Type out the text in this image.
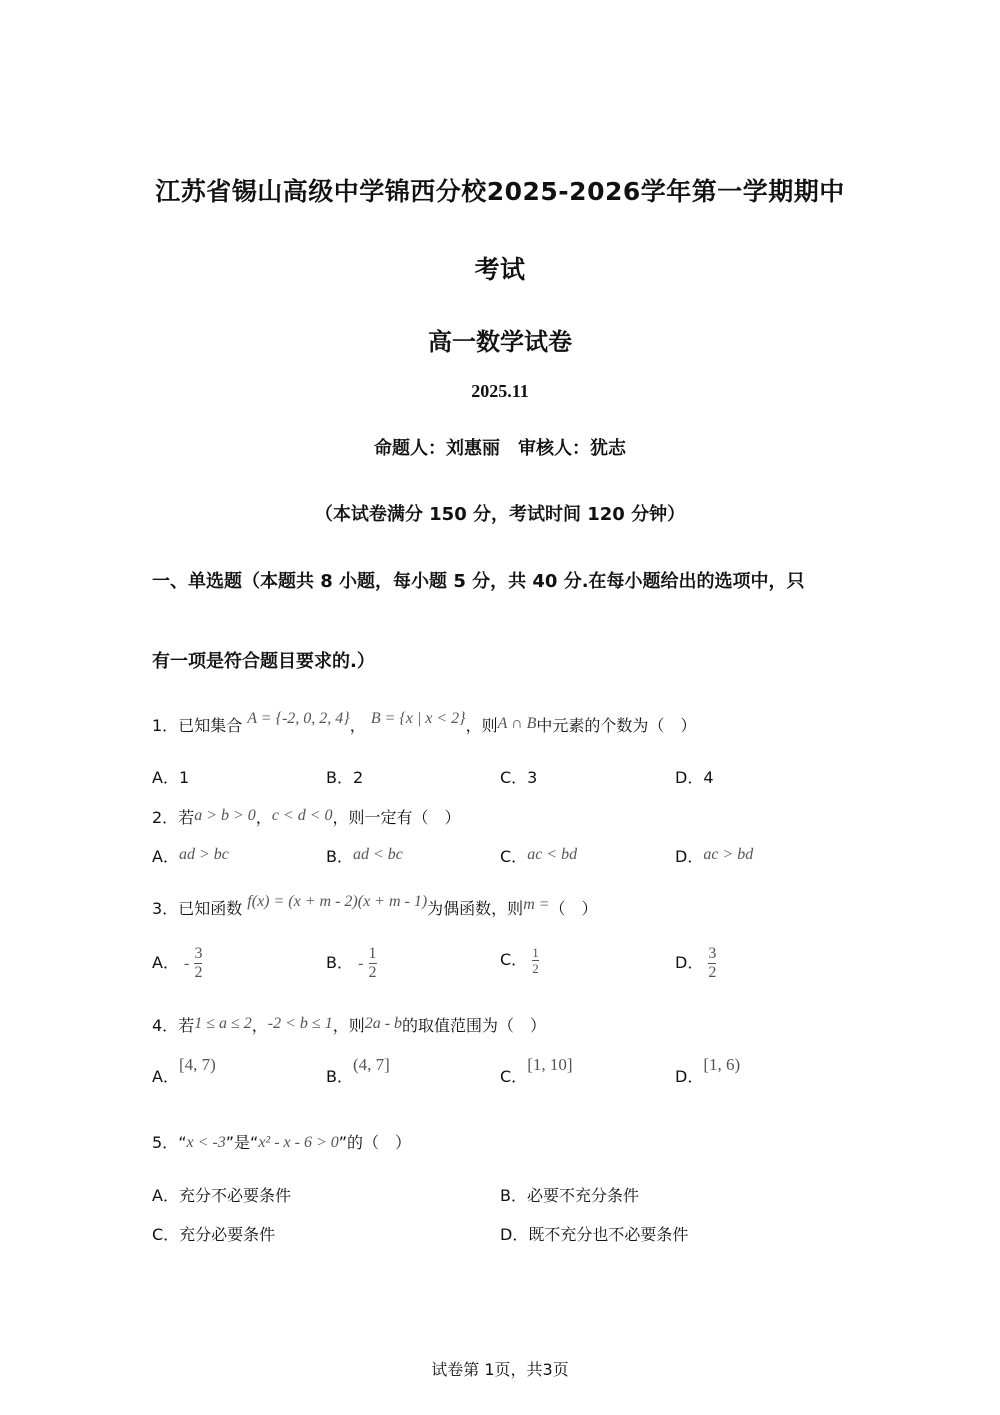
江苏省锡山高级中学锦西分校2025-2026学年第一学期期中
考试
高一数学试卷
2025.11
命题人：刘惠丽　审核人：犹志
（本试卷满分 150 分，考试时间 120 分钟）
一、单选题（本题共 8 小题，每小题 5 分，共 40 分.在每小题给出的选项中，只
有一项是符合题目要求的.）
1．已知集合 A = {-2, 0, 2, 4}， B = {x | x < 2}，则A ∩ B中元素的个数为（　）
A．1	B．2	C．3	D．4
2．若a > b > 0，c < d < 0，则一定有（　）
A．ad > bc	B．ad < bc	C．ac < bd	D．ac > bd
3．已知函数 f(x) = (x + m - 2)(x + m - 1)为偶函数，则m =（　）
A． - $\frac{3}{2}$	B． - $\frac{1}{2}$	C． $\frac{1}{2}$	D． $\frac{3}{2}$
4．若1 ≤ a ≤ 2，-2 < b ≤ 1，则2a - b的取值范围为（　）
A．[4, 7)
B．(4, 7]
C．[1, 10]
D．[1, 6)
5．“x < -3”是“x² - x - 6 > 0”的（　）
A．充分不必要条件	B．必要不充分条件
C．充分必要条件	D．既不充分也不必要条件
试卷第 1页，共3页
